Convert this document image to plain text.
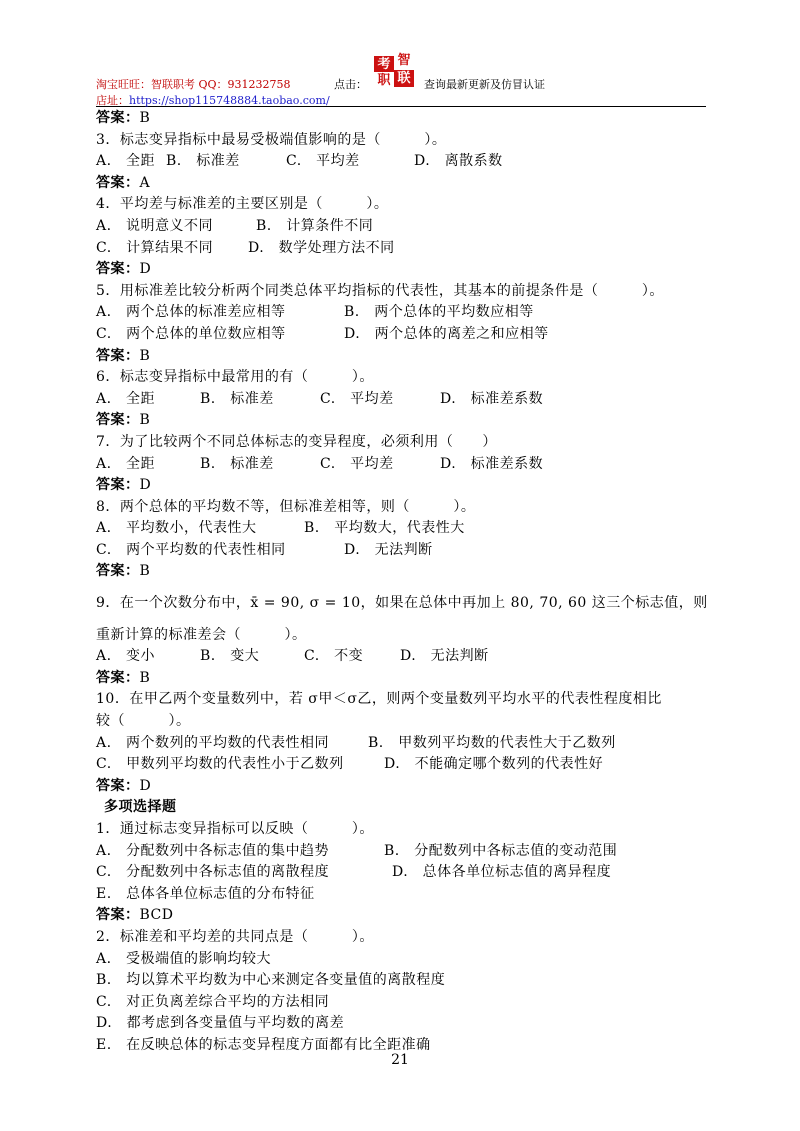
淘宝旺旺：智联职考 QQ：931232758	点击：
考 智
职 联	查询最新更新及仿冒认证
店址：https://shop115748884.taobao.com/
答案：B
3．标志变异指标中最易受极端值影响的是（　　　）。
A.　全距 B.　标准差	C.　平均差	D.　离散系数
答案：A
4．平均差与标准差的主要区别是（　　　）。
A.　说明意义不同	B.　计算条件不同
C.　计算结果不同 D.　数学处理方法不同
答案：D
5．用标准差比较分析两个同类总体平均指标的代表性，其基本的前提条件是（　　　）。
A.　两个总体的标准差应相等	B.　两个总体的平均数应相等
C.　两个总体的单位数应相等	D.　两个总体的离差之和应相等
答案：B
6．标志变异指标中最常用的有（　　　）。
A.　全距	B.　标准差	C.　平均差	D.　标准差系数
答案：B
7．为了比较两个不同总体标志的变异程度，必须利用（　　）
A.　全距	B.　标准差	C.　平均差	D.　标准差系数
答案：D
8．两个总体的平均数不等，但标准差相等，则（　　　）。
A.　平均数小，代表性大	B.　平均数大，代表性大
C.　两个平均数的代表性相同	D.　无法判断
答案：B
9．在一个次数分布中，x̄ = 90, σ = 10，如果在总体中再加上 80, 70, 60 这三个标志值，则
重新计算的标准差会（　　　）。
A.　变小	B.　变大	C.　不变	D.　无法判断
答案：B
10．在甲乙两个变量数列中，若 σ甲＜σ乙，则两个变量数列平均水平的代表性程度相比
较（　　　）。
A.　两个数列的平均数的代表性相同	B.　甲数列平均数的代表性大于乙数列
C.　甲数列平均数的代表性小于乙数列	D.　不能确定哪个数列的代表性好
答案：D
多项选择题
1．通过标志变异指标可以反映（　　　）。
A.　分配数列中各标志值的集中趋势	B.　分配数列中各标志值的变动范围
C.　分配数列中各标志值的离散程度	D.　总体各单位标志值的离异程度
E.　总体各单位标志值的分布特征
答案：BCD
2．标准差和平均差的共同点是（　　　）。
A.　受极端值的影响均较大
B.　均以算术平均数为中心来测定各变量值的离散程度
C.　对正负离差综合平均的方法相同
D.　都考虑到各变量值与平均数的离差
E.　在反映总体的标志变异程度方面都有比全距准确
21
